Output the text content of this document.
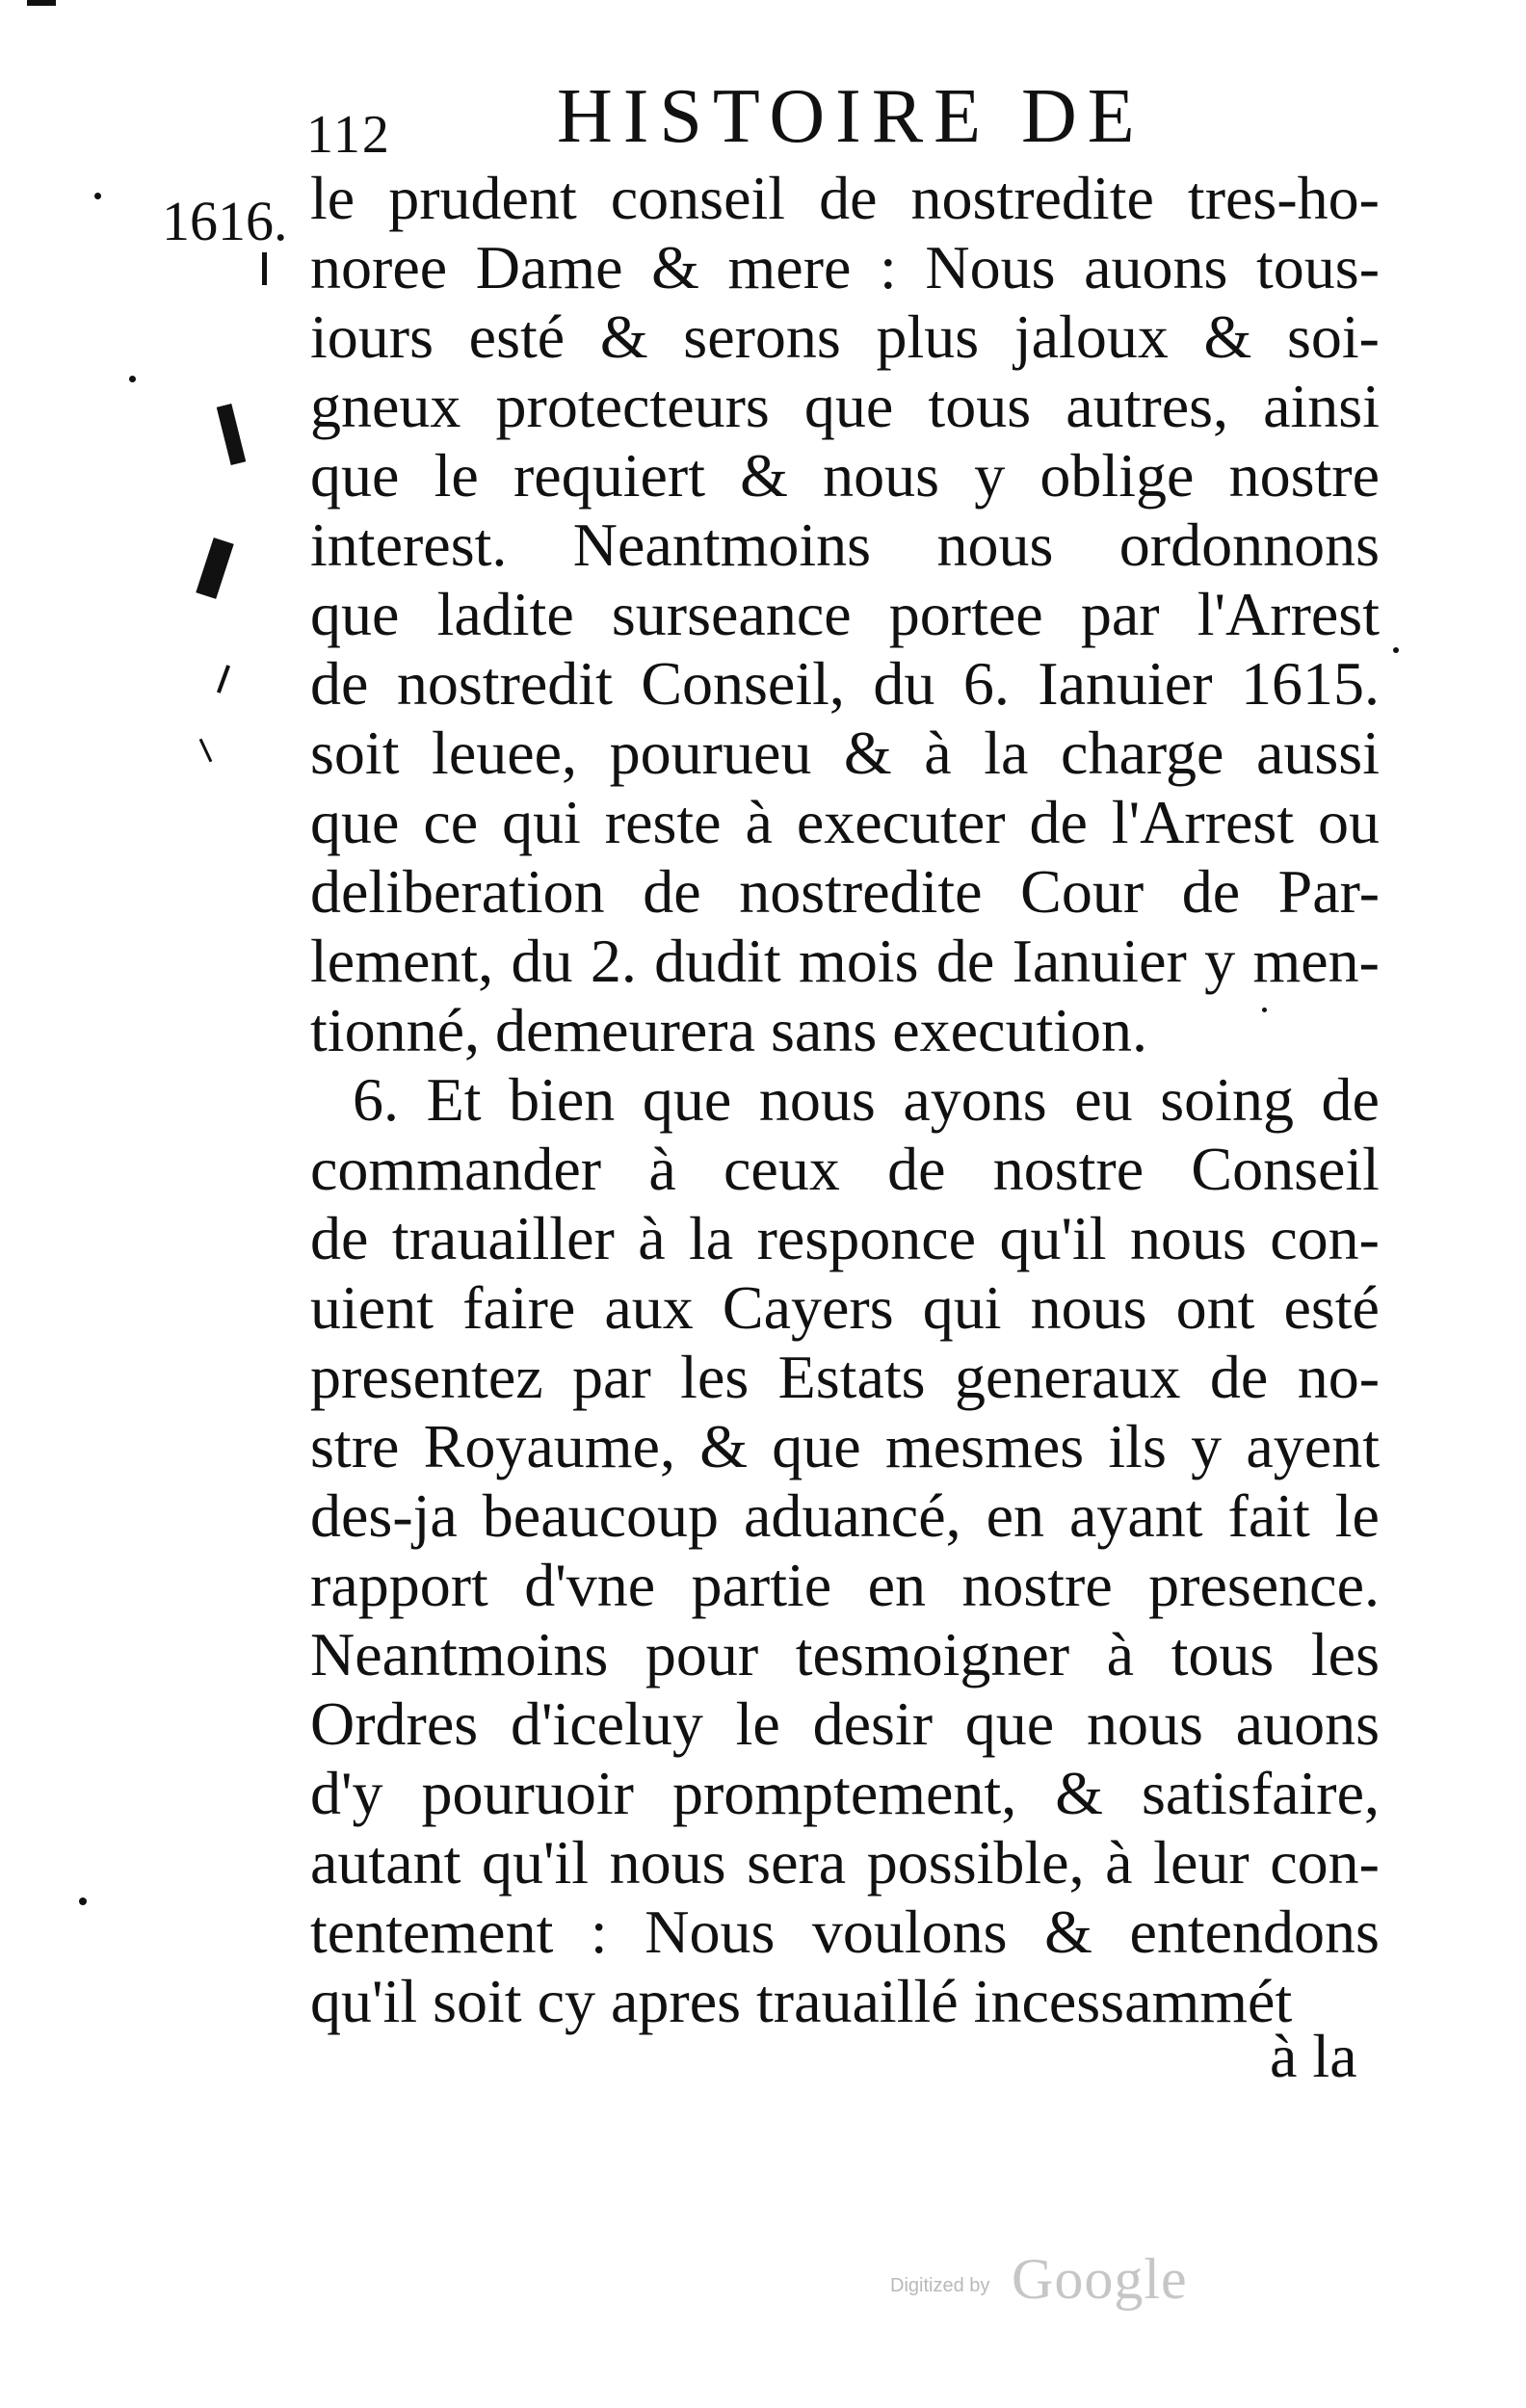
112 HISTOIRE DE
1616. le prudent conseil de nostredite tres-ho-
noree Dame & mere : Nous auons tous-
iours esté & serons plus jaloux & soi-
gneux protecteurs que tous autres, ainsi
que le requiert & nous y oblige nostre
interest. Neantmoins nous ordonnons
que ladite surseance portee par l'Arrest
de nostredit Conseil, du 6. Ianuier 1615.
soit leuee, pourueu & à la charge aussi
que ce qui reste à executer de l'Arrest ou
deliberation de nostredite Cour de Par-
lement, du 2. dudit mois de Ianuier y men-
tionné, demeurera sans execution.
6. Et bien que nous ayons eu soing de
commander à ceux de nostre Conseil
de trauailler à la responce qu'il nous con-
uient faire aux Cayers qui nous ont esté
presentez par les Estats generaux de no-
stre Royaume, & que mesmes ils y ayent
des-ja beaucoup aduancé, en ayant fait le
rapport d'vne partie en nostre presence.
Neantmoins pour tesmoigner à tous les
Ordres d'iceluy le desir que nous auons
d'y pouruoir promptement, & satisfaire,
autant qu'il nous sera possible, à leur con-
tentement : Nous voulons & entendons
qu'il soit cy apres trauaillé incessammét
à la
Digitized by Google
